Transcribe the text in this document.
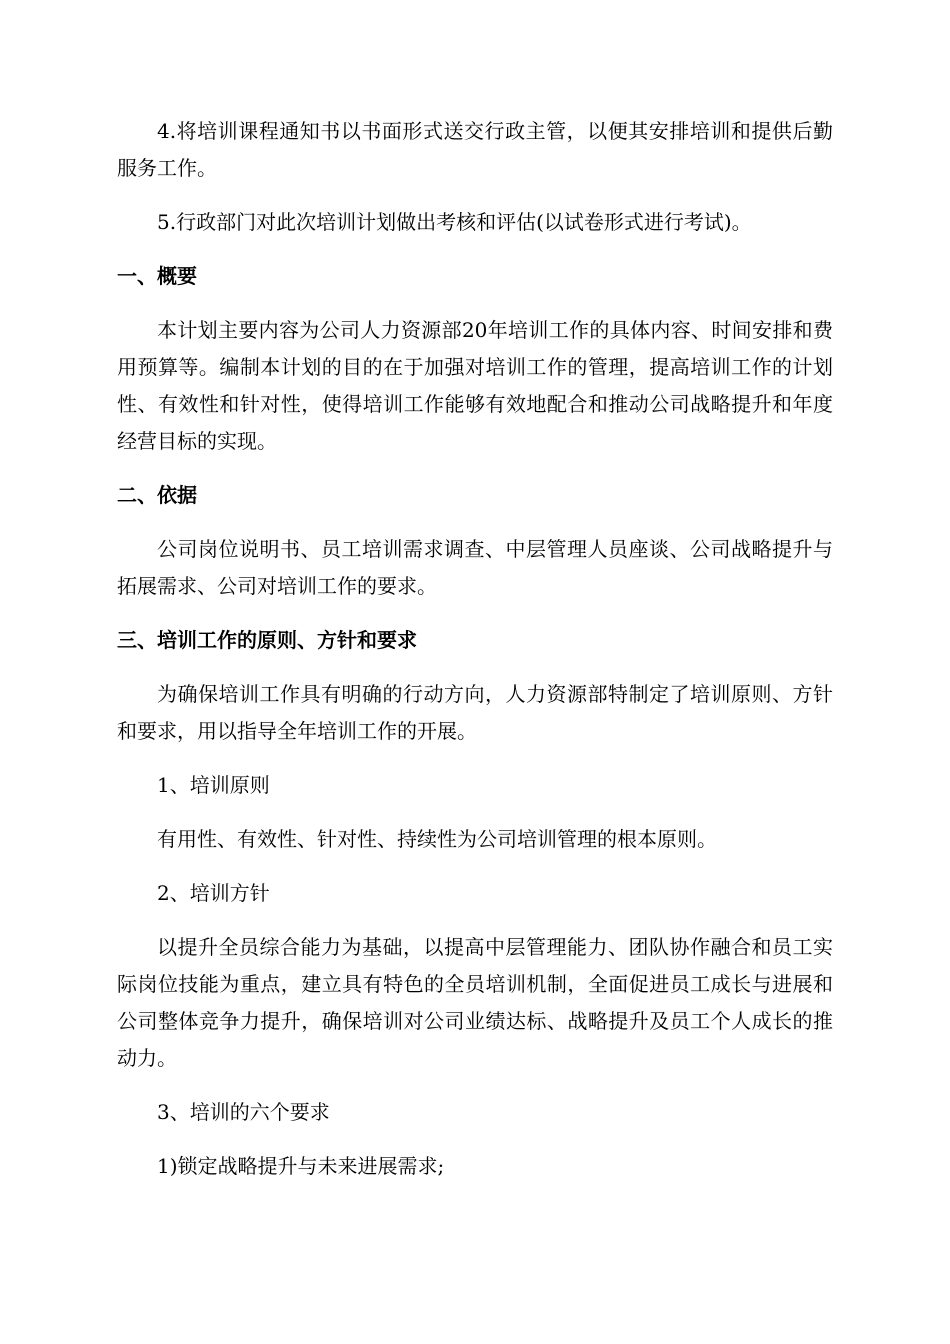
4.将培训课程通知书以书面形式送交行政主管，以便其安排培训和提供后勤服务工作。

5.行政部门对此次培训计划做出考核和评估(以试卷形式进行考试)。

一、概要

本计划主要内容为公司人力资源部20年培训工作的具体内容、时间安排和费用预算等。编制本计划的目的在于加强对培训工作的管理，提高培训工作的计划性、有效性和针对性，使得培训工作能够有效地配合和推动公司战略提升和年度经营目标的实现。

二、依据

公司岗位说明书、员工培训需求调查、中层管理人员座谈、公司战略提升与拓展需求、公司对培训工作的要求。

三、培训工作的原则、方针和要求

为确保培训工作具有明确的行动方向，人力资源部特制定了培训原则、方针和要求，用以指导全年培训工作的开展。

1、培训原则

有用性、有效性、针对性、持续性为公司培训管理的根本原则。

2、培训方针

以提升全员综合能力为基础，以提高中层管理能力、团队协作融合和员工实际岗位技能为重点，建立具有特色的全员培训机制，全面促进员工成长与进展和公司整体竞争力提升，确保培训对公司业绩达标、战略提升及员工个人成长的推动力。

3、培训的六个要求

1)锁定战略提升与未来进展需求;
